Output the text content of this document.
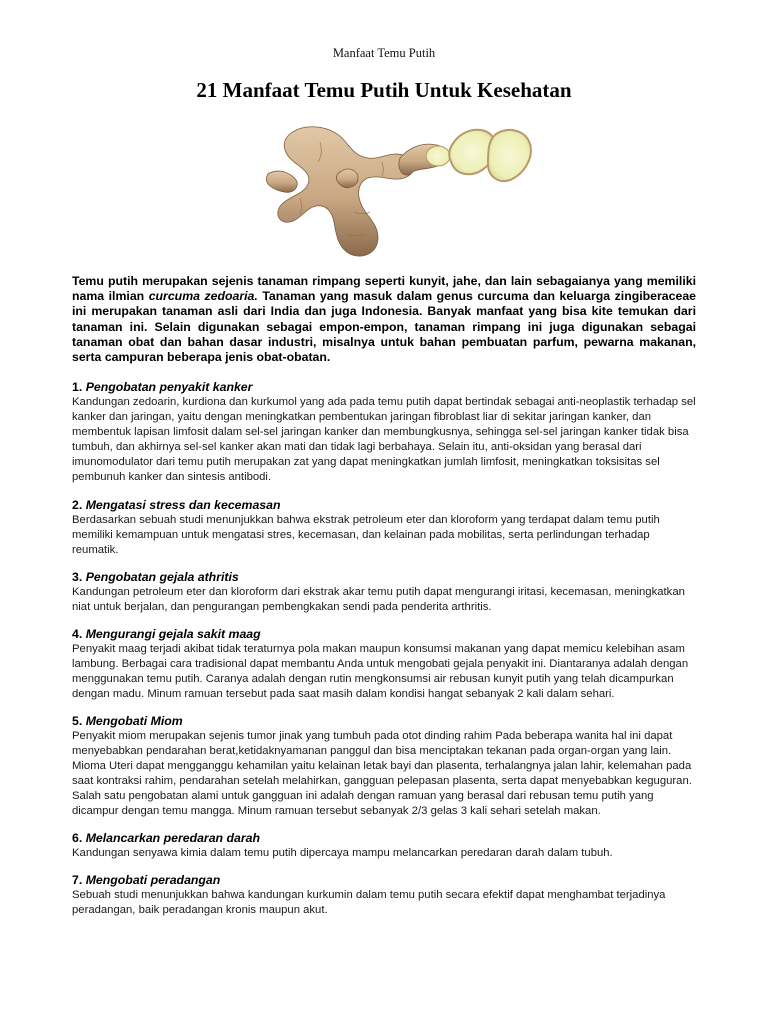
Manfaat Temu Putih
21 Manfaat Temu Putih Untuk Kesehatan

Temu putih merupakan sejenis tanaman rimpang seperti kunyit, jahe, dan lain sebagaianya yang memiliki nama ilmian curcuma zedoaria. Tanaman yang masuk dalam genus curcuma dan keluarga zingiberaceae ini merupakan tanaman asli dari India dan juga Indonesia. Banyak manfaat yang bisa kite temukan dari tanaman ini. Selain digunakan sebagai empon-empon, tanaman rimpang ini juga digunakan sebagai tanaman obat dan bahan dasar industri, misalnya untuk bahan pembuatan parfum, pewarna makanan, serta campuran beberapa jenis obat-obatan.

1. Pengobatan penyakit kanker
Kandungan zedoarin, kurdiona dan kurkumol yang ada pada temu putih dapat bertindak sebagai anti-neoplastik terhadap sel kanker dan jaringan, yaitu dengan meningkatkan pembentukan jaringan fibroblast liar di sekitar jaringan kanker, dan membentuk lapisan limfosit dalam sel-sel jaringan kanker dan membungkusnya, sehingga sel-sel jaringan kanker tidak bisa tumbuh, dan akhirnya sel-sel kanker akan mati dan tidak lagi berbahaya. Selain itu, anti-oksidan yang berasal dari imunomodulator dari temu putih merupakan zat yang dapat meningkatkan jumlah limfosit, meningkatkan toksisitas sel pembunuh kanker dan sintesis antibodi.
2. Mengatasi stress dan kecemasan
Berdasarkan sebuah studi menunjukkan bahwa ekstrak petroleum eter dan kloroform yang terdapat dalam temu putih memiliki kemampuan untuk mengatasi stres, kecemasan, dan kelainan pada mobilitas, serta perlindungan terhadap reumatik.
3. Pengobatan gejala athritis
Kandungan petroleum eter dan kloroform dari ekstrak akar temu putih dapat mengurangi iritasi, kecemasan, meningkatkan niat untuk berjalan, dan pengurangan pembengkakan sendi pada penderita arthritis.
4. Mengurangi gejala sakit maag
Penyakit maag terjadi akibat tidak teraturnya pola makan maupun konsumsi makanan yang dapat memicu kelebihan asam lambung. Berbagai cara tradisional dapat membantu Anda untuk mengobati gejala penyakit ini. Diantaranya adalah dengan menggunakan temu putih. Caranya adalah dengan rutin mengkonsumsi air rebusan kunyit putih yang telah dicampurkan dengan madu. Minum ramuan tersebut pada saat masih dalam kondisi hangat sebanyak 2 kali dalam sehari.
5. Mengobati Miom
Penyakit miom merupakan sejenis tumor jinak yang tumbuh pada otot dinding rahim Pada beberapa wanita hal ini dapat menyebabkan pendarahan berat,ketidaknyamanan panggul dan bisa menciptakan tekanan pada organ-organ yang lain. Mioma Uteri dapat mengganggu kehamilan yaitu kelainan letak bayi dan plasenta, terhalangnya jalan lahir, kelemahan pada saat kontraksi rahim, pendarahan setelah melahirkan, gangguan pelepasan plasenta, serta dapat menyebabkan keguguran. Salah satu pengobatan alami untuk gangguan ini adalah dengan ramuan yang berasal dari rebusan temu putih yang dicampur dengan temu mangga. Minum ramuan tersebut sebanyak 2/3 gelas 3 kali sehari setelah makan.
6. Melancarkan peredaran darah
Kandungan senyawa kimia dalam temu putih dipercaya mampu melancarkan peredaran darah dalam tubuh.
7. Mengobati peradangan
Sebuah studi menunjukkan bahwa kandungan kurkumin dalam temu putih secara efektif dapat menghambat terjadinya peradangan, baik peradangan kronis maupun akut.
